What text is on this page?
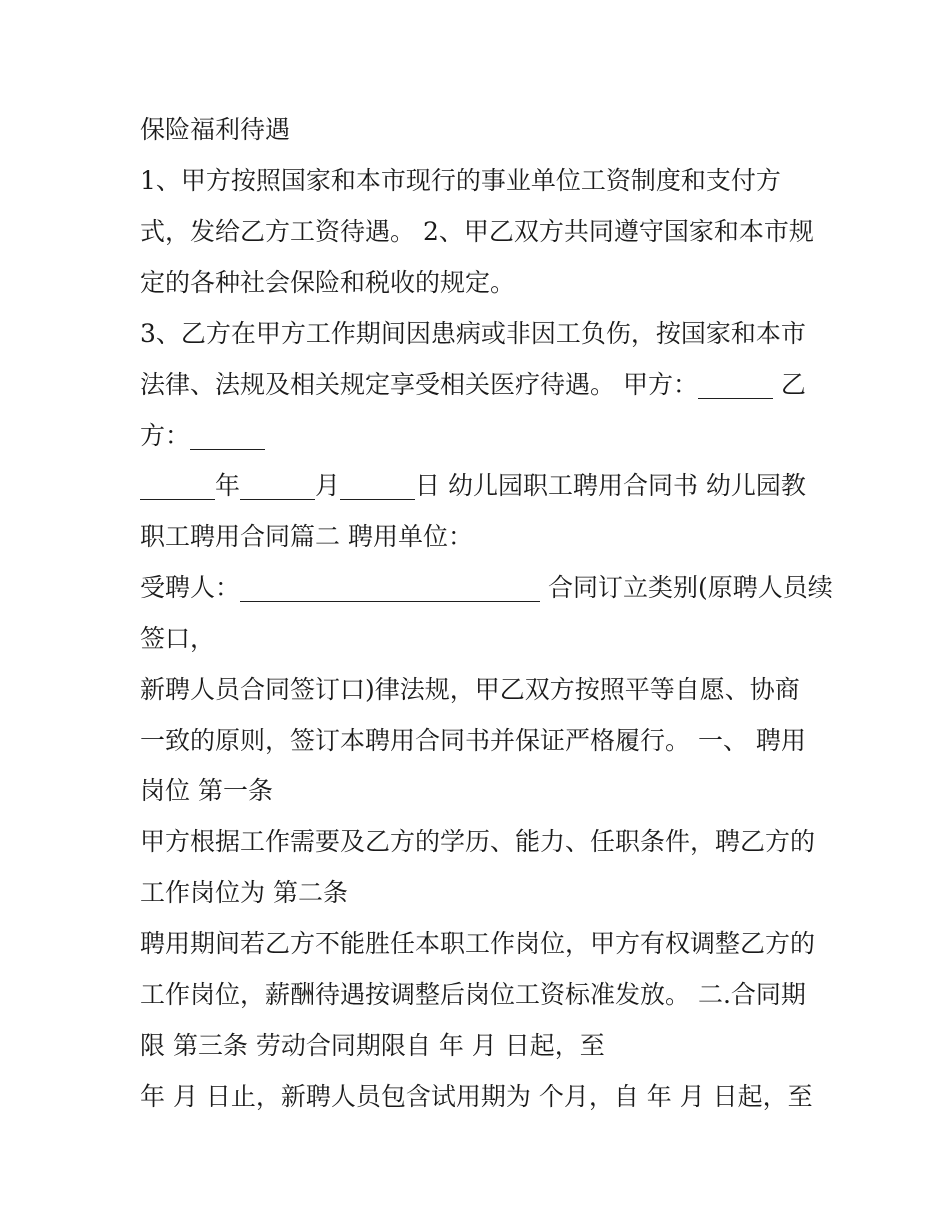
保险福利待遇
1、甲方按照国家和本市现行的事业单位工资制度和支付方
式，发给乙方工资待遇。 2、甲乙双方共同遵守国家和本市规
定的各种社会保险和税收的规定。
3、乙方在甲方工作期间因患病或非因工负伤，按国家和本市
法律、法规及相关规定享受相关医疗待遇。 甲方：______ 乙
方：______
______年______月______日 幼儿园职工聘用合同书 幼儿园教
职工聘用合同篇二 聘用单位：
受聘人：________________________ 合同订立类别(原聘人员续
签口，
新聘人员合同签订口)律法规，甲乙双方按照平等自愿、协商
一致的原则，签订本聘用合同书并保证严格履行。 一、 聘用
岗位 第一条
甲方根据工作需要及乙方的学历、能力、任职条件，聘乙方的
工作岗位为 第二条
聘用期间若乙方不能胜任本职工作岗位，甲方有权调整乙方的
工作岗位，薪酬待遇按调整后岗位工资标准发放。 二.合同期
限 第三条 劳动合同期限自 年 月 日起，至
年 月 日止，新聘人员包含试用期为 个月，自 年 月 日起，至
